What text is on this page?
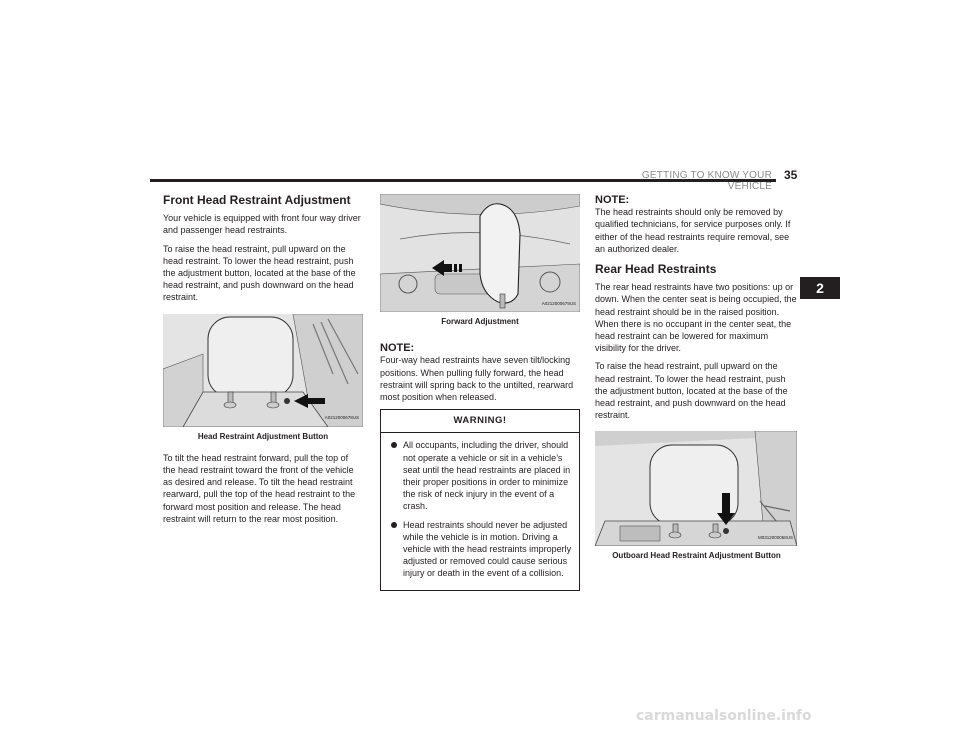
GETTING TO KNOW YOUR VEHICLE
35
2
Front Head Restraint Adjustment

Your vehicle is equipped with front four way driver and passenger head restraints.

To raise the head restraint, pull upward on the head restraint. To lower the head restraint, push the adjustment button, located at the base of the head restraint, and push downward on the head restraint.

A0212000678US
Head Restraint Adjustment Button

To tilt the head restraint forward, pull the top of the head restraint toward the front of the vehicle as desired and release. To tilt the head restraint rearward, pull the top of the head restraint to the forward most position and release. The head restraint will return to the rear most position.

A0212000679US
Forward Adjustment
NOTE:

Four-way head restraints have seven tilt/locking positions. When pulling fully forward, the head restraint will spring back to the untilted, rearward most position when released.

WARNING!
All occupants, including the driver, should not operate a vehicle or sit in a vehicle’s seat until the head restraints are placed in their proper positions in order to minimize the risk of neck injury in the event of a crash.
Head restraints should never be adjusted while the vehicle is in motion. Driving a vehicle with the head restraints improperly adjusted or removed could cause serious injury or death in the event of a collision.
NOTE:

The head restraints should only be removed by qualified technicians, for service purposes only. If either of the head restraints require removal, see an authorized dealer.

Rear Head Restraints

The rear head restraints have two positions: up or down. When the center seat is being occupied, the head restraint should be in the raised position. When there is no occupant in the center seat, the head restraint can be lowered for maximum visibility for the driver.

To raise the head restraint, pull upward on the head restraint. To lower the head restraint, push the adjustment button, located at the base of the head restraint, and push downward on the head restraint.

M0312000058US
Outboard Head Restraint Adjustment Button
carmanualsonline.info
